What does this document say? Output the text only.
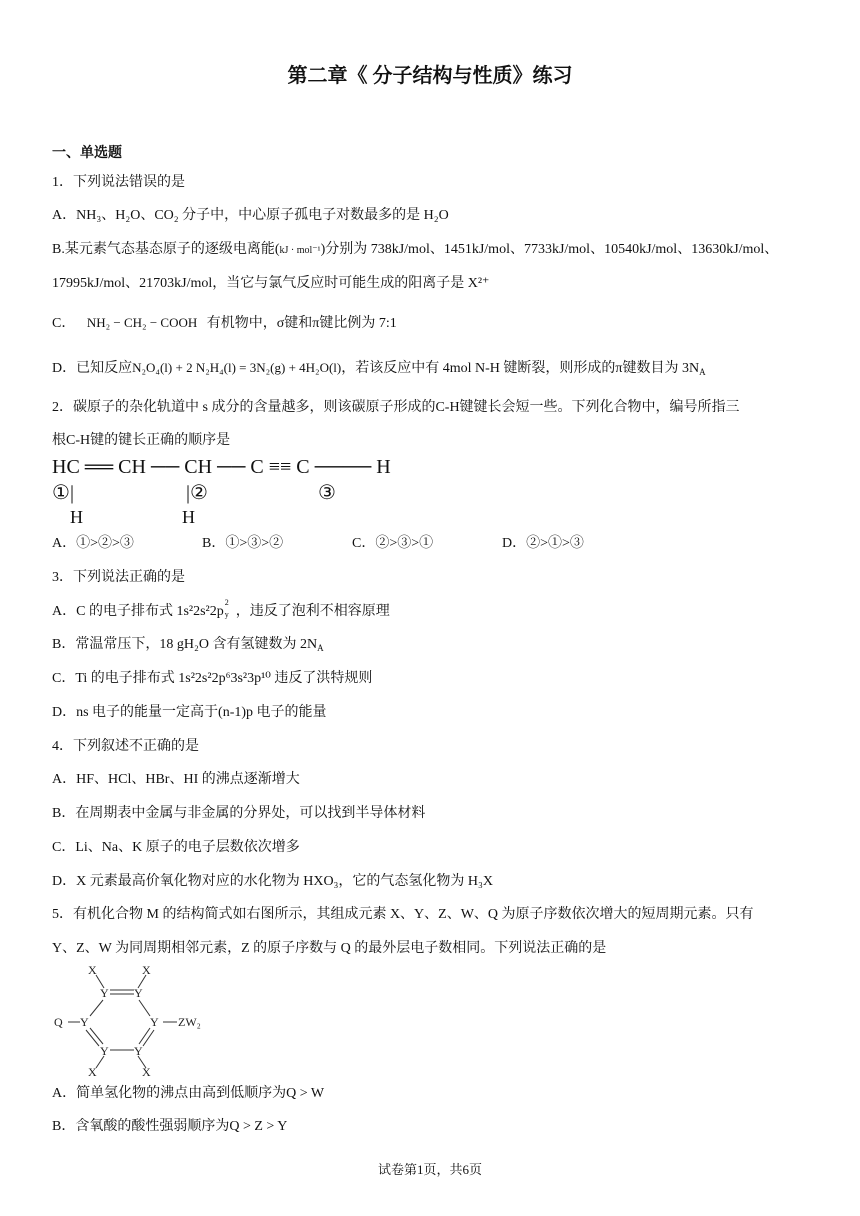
第二章《 分子结构与性质》练习
一、单选题
1．下列说法错误的是
A．NH₃、H₂O、CO₂ 分子中，中心原子孤电子对数最多的是 H₂O
B.某元素气态基态原子的逐级电离能(kJ · mol⁻¹)分别为 738kJ/mol、1451kJ/mol、7733kJ/mol、10540kJ/mol、13630kJ/mol、
17995kJ/mol、21703kJ/mol，当它与氯气反应时可能生成的阳离子是 X²⁺
C． NH₂ − CH₂ − COOH 有机物中，σ键和π键比例为 7:1
D．已知反应N₂O₄(l) + 2 N₂H₄(l) = 3N₂(g) + 4H₂O(l)，若该反应中有 4mol N-H 键断裂，则形成的π键数目为 $3N_A$
2．碳原子的杂化轨道中 s 成分的含量越多，则该碳原子形成的C-H键键长会短一些。下列化合物中，编号所指三
根C-H键的键长正确的顺序是
HC ══ CH ── CH ── C ≡≡ C ──── H
①|	|②	③
H	H
A．①>②>③	B．①>③>②	C．②>③>①	D．②>①>③
3．下列说法正确的是
A．C 的电子排布式 1s²2s²2p
2
y ，违反了泡利不相容原理
B．常温常压下，18 gH₂O 含有氢键数为 $2N_A$
C．Ti 的电子排布式 1s²2s²2p⁶3s²3p¹⁰ 违反了洪特规则
D．ns 电子的能量一定高于(n-1)p 电子的能量
4．下列叙述不正确的是
A．HF、HCl、HBr、HI 的沸点逐渐增大
B．在周期表中金属与非金属的分界处，可以找到半导体材料
C．Li、Na、K 原子的电子层数依次增多
D．X 元素最高价氧化物对应的水化物为 HXO₃，它的气态氢化物为 H₃X
5．有机化合物 M 的结构简式如右图所示，其组成元素 X、Y、Z、W、Q 为原子序数依次增大的短周期元素。只有
Y、Z、W 为同周期相邻元素，Z 的原子序数与 Q 的最外层电子数相同。下列说法正确的是
X	X
Y Y
Q Y	Y ZW₂
Y Y
X	X
A．简单氢化物的沸点由高到低顺序为Q > W
B．含氧酸的酸性强弱顺序为Q > Z > Y
试卷第1页，共6页
